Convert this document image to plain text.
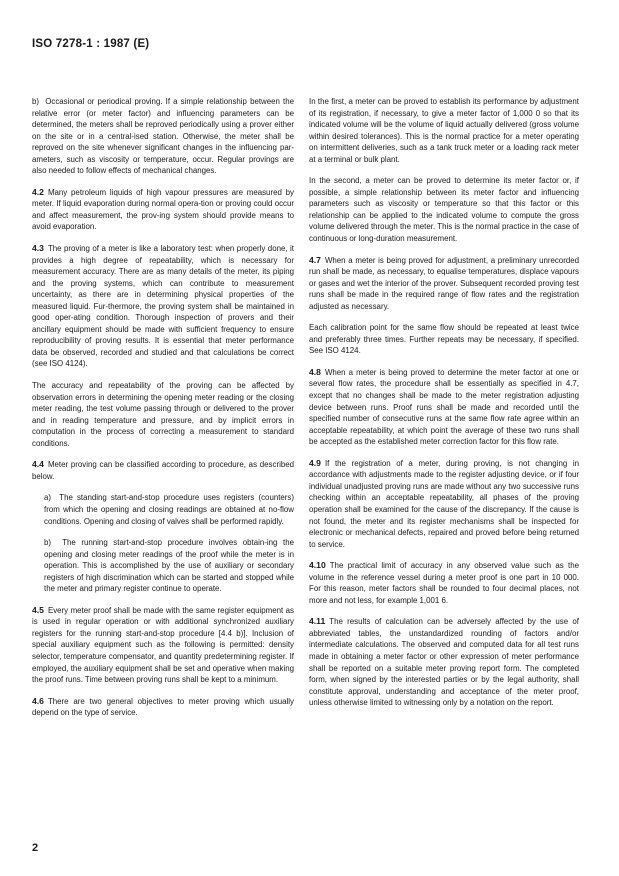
ISO 7278-1 : 1987 (E)

b)  Occasional or periodical proving. If a simple relationship between the relative error (or meter factor) and influencing parameters can be determined, the meters shall be reproved periodically using a prover either on the site or in a central-ised station. Otherwise, the meter shall be reproved on the site whenever significant changes in the influencing par-ameters, such as viscosity or temperature, occur. Regular provings are also needed to follow effects of mechanical changes.

4.2 Many petroleum liquids of high vapour pressures are measured by meter. If liquid evaporation during normal opera-tion or proving could occur and affect measurement, the prov-ing system should provide means to avoid evaporation.

4.3 The proving of a meter is like a laboratory test: when properly done, it provides a high degree of repeatability, which is necessary for measurement accuracy. There are as many details of the meter, its piping and the proving systems, which can contribute to measurement uncertainty, as there are in determining physical properties of the measured liquid. Fur-thermore, the proving system shall be maintained in good oper-ating condition. Thorough inspection of provers and their ancillary equipment should be made with sufficient frequency to ensure reproducibility of proving results. It is essential that meter performance data be observed, recorded and studied and that calculations be correct (see ISO 4124).

The accuracy and repeatability of the proving can be affected by observation errors in determining the opening meter reading or the closing meter reading, the test volume passing through or delivered to the prover and in reading temperature and pressure, and by implicit errors in computation in the process of correcting a measurement to standard conditions.

4.4 Meter proving can be classified according to procedure, as described below.

a)  The standing start-and-stop procedure uses registers (counters) from which the opening and closing readings are obtained at no-flow conditions. Opening and closing of valves shall be performed rapidly.

b)  The running start-and-stop procedure involves obtain-ing the opening and closing meter readings of the proof while the meter is in operation. This is accomplished by the use of auxiliary or secondary registers of high discrimination which can be started and stopped while the meter and primary register continue to operate.

4.5 Every meter proof shall be made with the same register equipment as is used in regular operation or with additional synchronized auxiliary registers for the running start-and-stop procedure [4.4 b)]. Inclusion of special auxiliary equipment such as the following is permitted: density selector, temperature compensator, and quantity predetermining register. If employed, the auxiliary equipment shall be set and operative when making the proof runs. Time between proving runs shall be kept to a minimum.

4.6 There are two general objectives to meter proving which usually depend on the type of service.

In the first, a meter can be proved to establish its performance by adjustment of its registration, if necessary, to give a meter factor of 1,000 0 so that its indicated volume will be the volume of liquid actually delivered (gross volume within desired tolerances). This is the normal practice for a meter operating on intermittent deliveries, such as a tank truck meter or a loading rack meter at a terminal or bulk plant.

In the second, a meter can be proved to determine its meter factor or, if possible, a simple relationship between its meter factor and influencing parameters such as viscosity or temperature so that this factor or this relationship can be applied to the indicated volume to compute the gross volume delivered through the meter. This is the normal practice in the case of continuous or long-duration measurement.

4.7 When a meter is being proved for adjustment, a preliminary unrecorded run shall be made, as necessary, to equalise temperatures, displace vapours or gases and wet the interior of the prover. Subsequent recorded proving test runs shall be made in the required range of flow rates and the registration adjusted as necessary.

Each calibration point for the same flow should be repeated at least twice and preferably three times. Further repeats may be necessary, if specified. See ISO 4124.

4.8 When a meter is being proved to determine the meter factor at one or several flow rates, the procedure shall be essentially as specified in 4.7, except that no changes shall be made to the meter registration adjusting device between runs. Proof runs shall be made and recorded until the specified number of consecutive runs at the same flow rate agree within an acceptable repeatability, at which point the average of these two runs shall be accepted as the established meter correction factor for this flow rate.

4.9 If the registration of a meter, during proving, is not changing in accordance with adjustments made to the register adjusting device, or if four individual unadjusted proving runs are made without any two successive runs checking within an acceptable repeatability, all phases of the proving operation shall be examined for the cause of the discrepancy. If the cause is not found, the meter and its register mechanisms shall be inspected for electronic or mechanical defects, repaired and proved before being returned to service.

4.10 The practical limit of accuracy in any observed value such as the volume in the reference vessel during a meter proof is one part in 10 000. For this reason, meter factors shall be rounded to four decimal places, not more and not less, for example 1,001 6.

4.11 The results of calculation can be adversely affected by the use of abbreviated tables, the unstandardized rounding of factors and/or intermediate calculations. The observed and computed data for all test runs made in obtaining a meter factor or other expression of meter performance shall be reported on a suitable meter proving report form. The completed form, when signed by the interested parties or by the legal authority, shall constitute approval, understanding and acceptance of the meter proof, unless otherwise limited to witnessing only by a notation on the report.

2
